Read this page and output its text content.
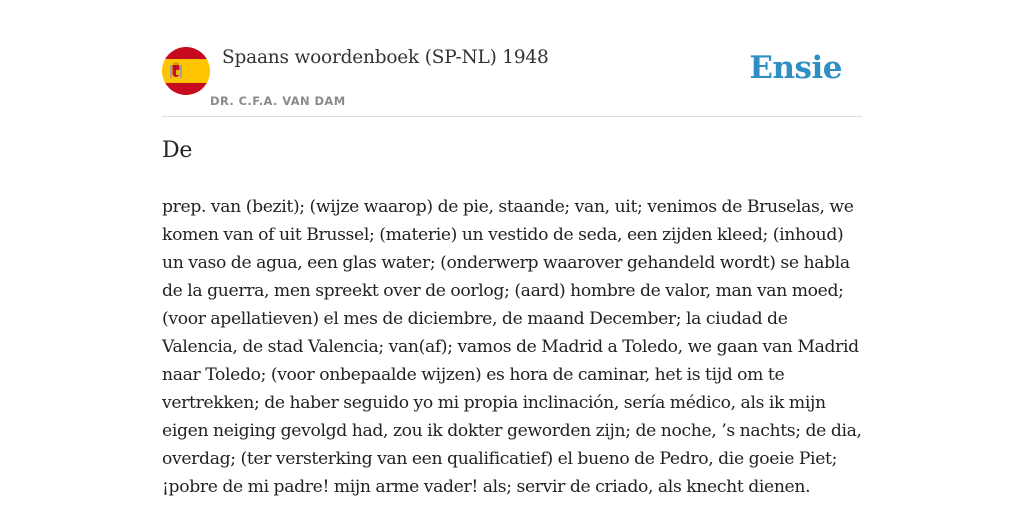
Spaans woordenboek (SP-NL) 1948
DR. C.F.A. VAN DAM
Ensie
De

prep. van (bezit); (wijze waarop) de pie, staande; van, uit; venimos de Bruselas, we komen van of uit Brussel; (materie) un vestido de seda, een zijden kleed; (inhoud) un vaso de agua, een glas water; (onderwerp waarover gehandeld wordt) se habla de la guerra, men spreekt over de oorlog; (aard) hombre de valor, man van moed; (voor apellatieven) el mes de diciembre, de maand December; la ciudad de Valencia, de stad Valencia; van(af); vamos de Madrid a Toledo, we gaan van Madrid naar Toledo; (voor onbepaalde wijzen) es hora de caminar, het is tijd om te vertrekken; de haber seguido yo mi propia inclinación, sería médico, als ik mijn eigen neiging gevolgd had, zou ik dokter geworden zijn; de noche, ’s nachts; de dia, overdag; (ter versterking van een qualificatief) el bueno de Pedro, die goeie Piet; ¡pobre de mi padre! mijn arme vader! als; servir de criado, als knecht dienen.
